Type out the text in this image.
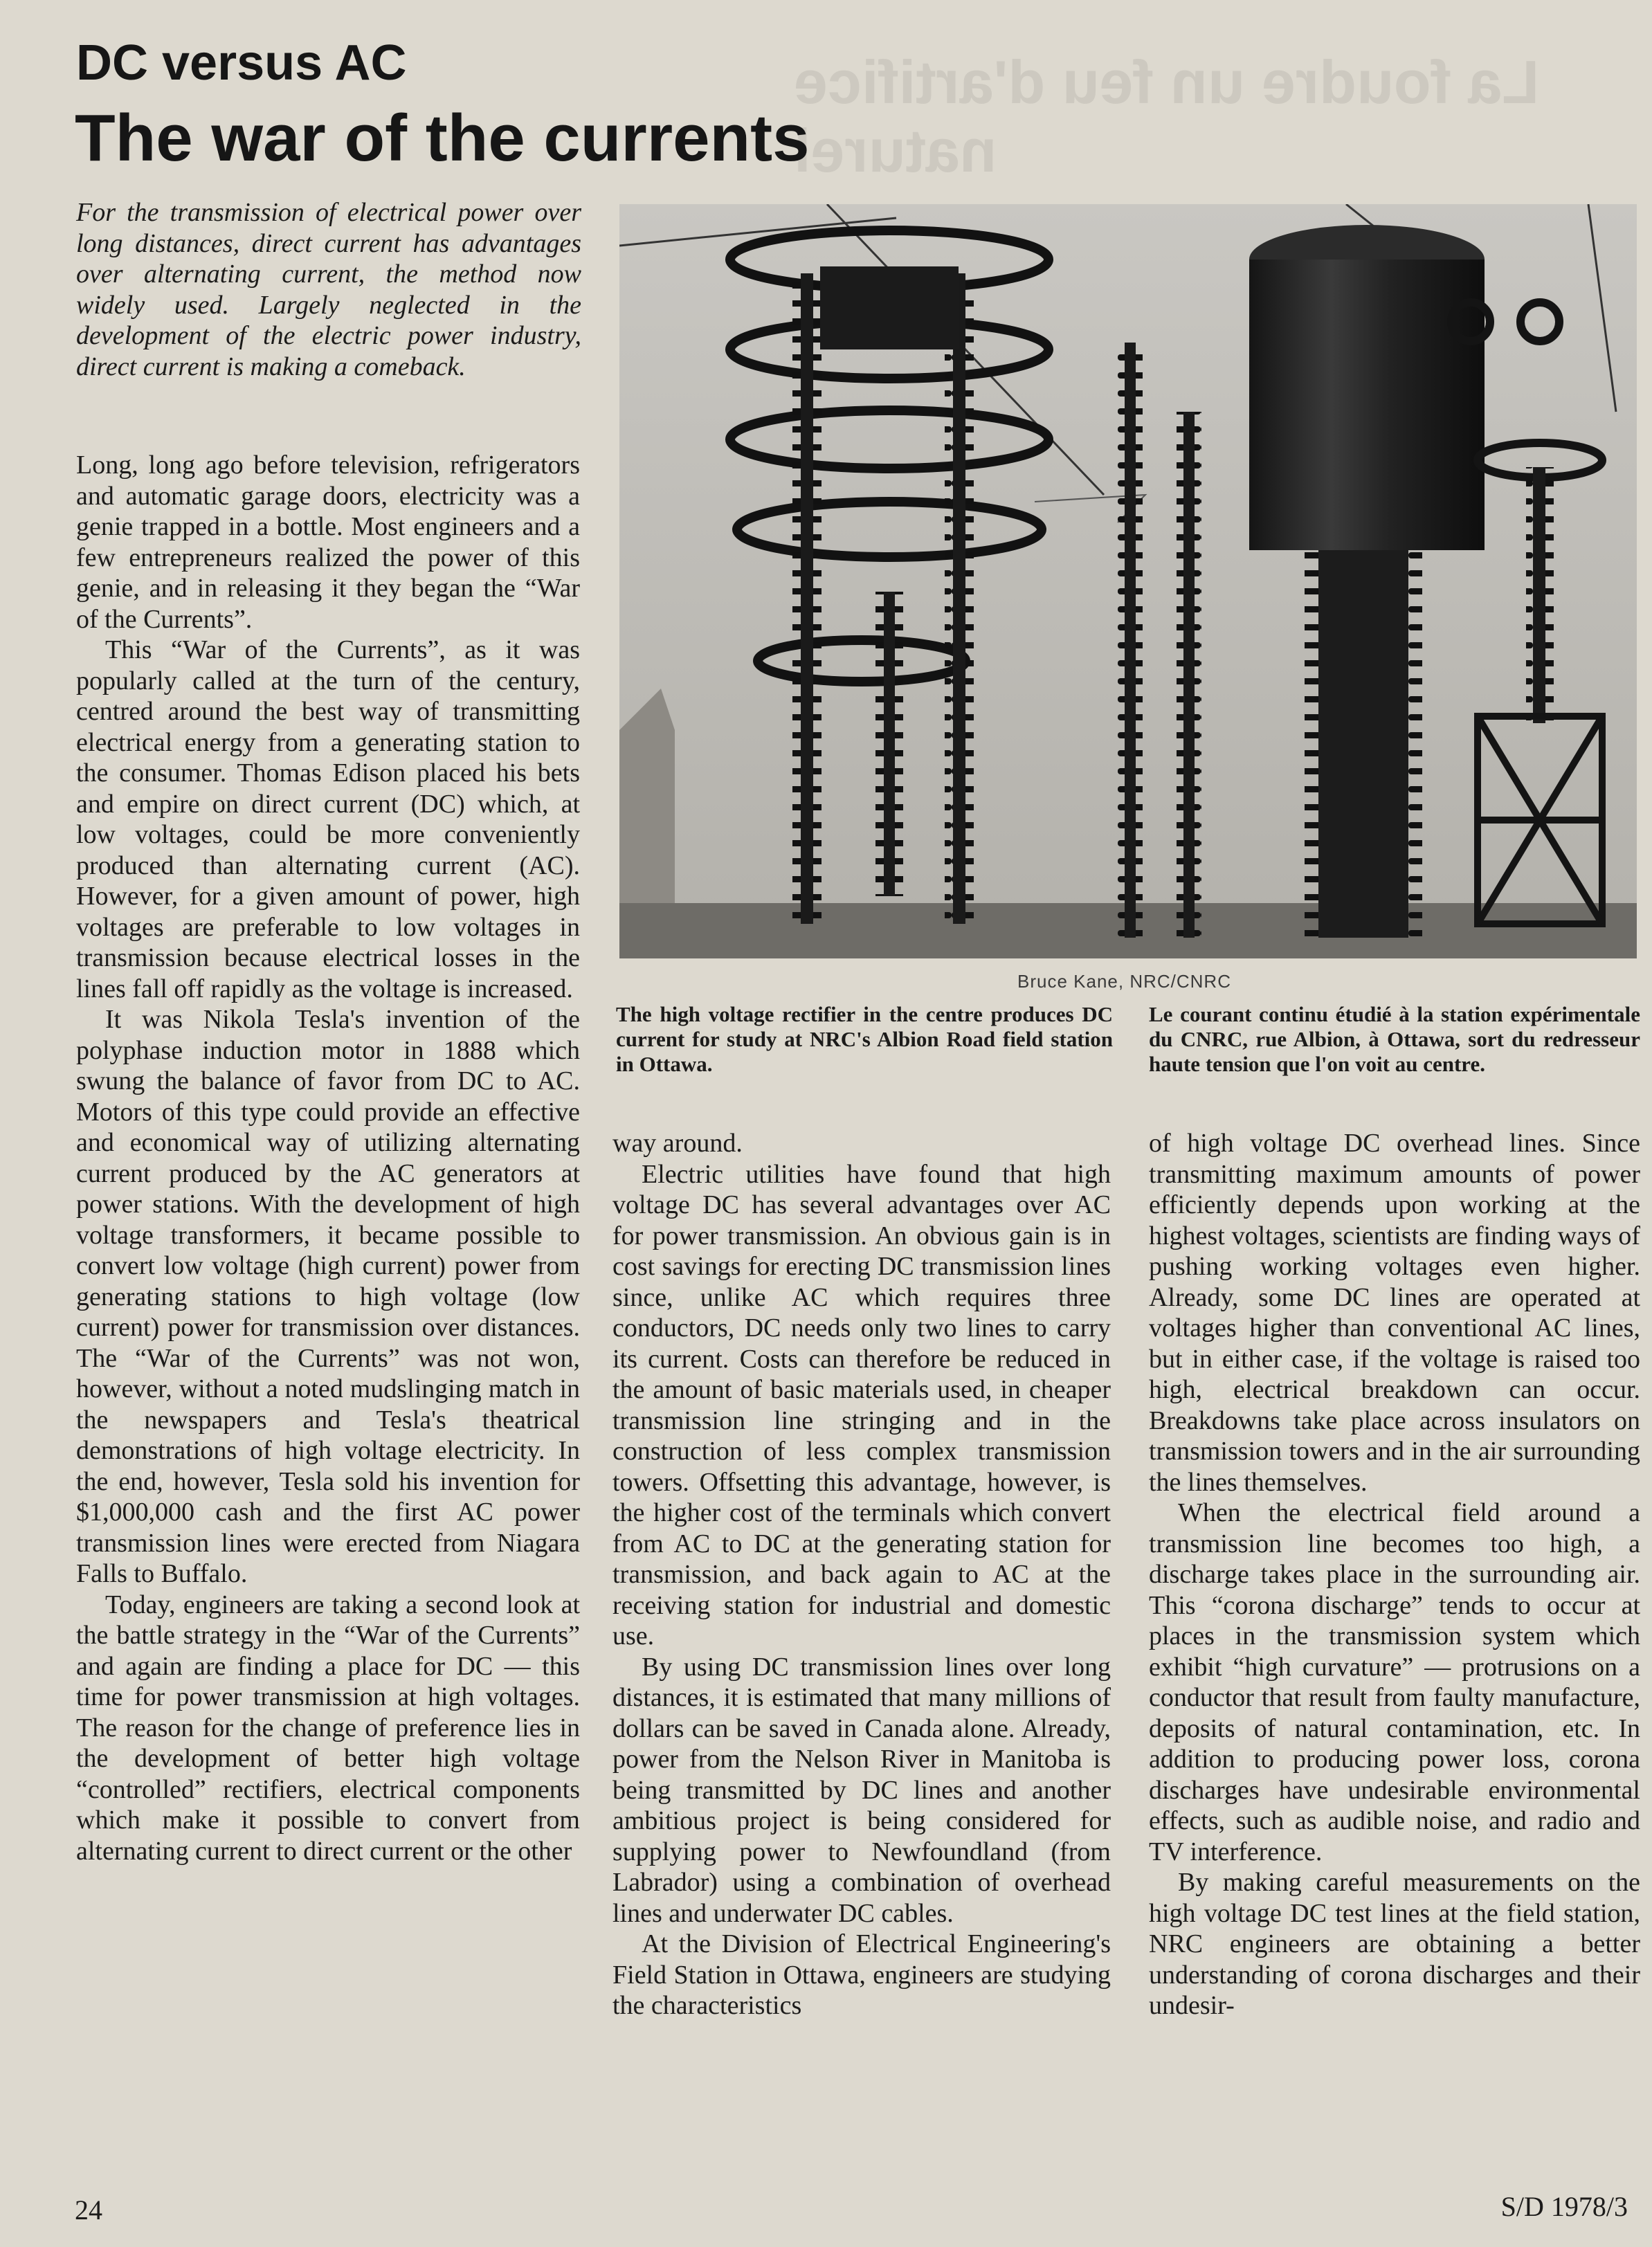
La foudre un feu d'artifice naturel
DC versus AC
The war of the currents
For the transmission of electrical power over long distances, direct current has advantages over alternating current, the method now widely used. Largely neglected in the development of the electric power industry, direct current is making a comeback.
Bruce Kane, NRC/CNRC
The high voltage rectifier in the centre produces DC current for study at NRC's Albion Road field station in Ottawa.
Le courant continu étudié à la station expérimentale du CNRC, rue Albion, à Ottawa, sort du redresseur haute tension que l'on voit au centre.

Long, long ago before television, refrigerators and automatic garage doors, electricity was a genie trapped in a bottle. Most engineers and a few entrepreneurs realized the power of this genie, and in releasing it they began the “War of the Currents”.

This “War of the Currents”, as it was popularly called at the turn of the century, centred around the best way of transmitting electrical energy from a generating station to the consumer. Thomas Edison placed his bets and empire on direct current (DC) which, at low voltages, could be more conveniently produced than alternating current (AC). However, for a given amount of power, high voltages are preferable to low voltages in transmission because electrical losses in the lines fall off rapidly as the voltage is increased.

It was Nikola Tesla's invention of the polyphase induction motor in 1888 which swung the balance of favor from DC to AC. Motors of this type could provide an effective and economical way of utilizing alternating current produced by the AC generators at power stations. With the development of high voltage transformers, it became possible to convert low voltage (high current) power from generating stations to high voltage (low current) power for transmission over distances. The “War of the Currents” was not won, however, without a noted mudslinging match in the newspapers and Tesla's theatrical demonstrations of high voltage electricity. In the end, however, Tesla sold his invention for $1,000,000 cash and the first AC power transmission lines were erected from Niagara Falls to Buffalo.

Today, engineers are taking a second look at the battle strategy in the “War of the Currents” and again are finding a place for DC — this time for power transmission at high voltages. The reason for the change of preference lies in the development of better high voltage “controlled” rectifiers, electrical components which make it possible to convert from alternating current to direct current or the other

way around.

Electric utilities have found that high voltage DC has several advantages over AC for power transmission. An obvious gain is in cost savings for erecting DC transmission lines since, unlike AC which requires three conductors, DC needs only two lines to carry its current. Costs can therefore be reduced in the amount of basic materials used, in cheaper transmission line stringing and in the construction of less complex transmission towers. Offsetting this advantage, however, is the higher cost of the terminals which convert from AC to DC at the generating station for transmission, and back again to AC at the receiving station for industrial and domestic use.

By using DC transmission lines over long distances, it is estimated that many millions of dollars can be saved in Canada alone. Already, power from the Nelson River in Manitoba is being transmitted by DC lines and another ambitious project is being considered for supplying power to Newfoundland (from Labrador) using a combination of overhead lines and underwater DC cables.

At the Division of Electrical Engineering's Field Station in Ottawa, engineers are studying the characteristics

of high voltage DC overhead lines. Since transmitting maximum amounts of power efficiently depends upon working at the highest voltages, scientists are finding ways of pushing working voltages even higher. Already, some DC lines are operated at voltages higher than conventional AC lines, but in either case, if the voltage is raised too high, electrical breakdown can occur. Breakdowns take place across insulators on transmission towers and in the air surrounding the lines themselves.

When the electrical field around a transmission line becomes too high, a discharge takes place in the surrounding air. This “corona discharge” tends to occur at places in the transmission system which exhibit “high curvature” — protrusions on a conductor that result from faulty manufacture, deposits of natural contamination, etc. In addition to producing power loss, corona discharges have undesirable environmental effects, such as audible noise, and radio and TV interference.

By making careful measurements on the high voltage DC test lines at the field station, NRC engineers are obtaining a better understanding of corona discharges and their undesir-

24	S/D 1978/3
